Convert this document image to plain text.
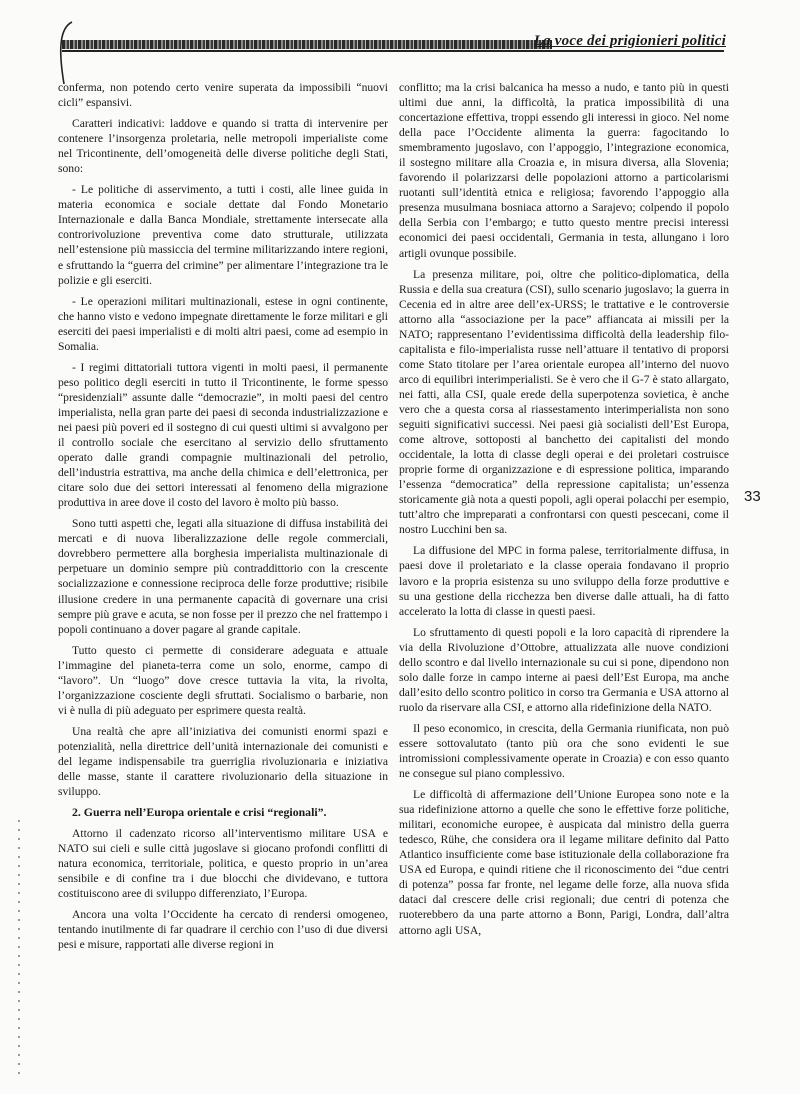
La voce dei prigionieri politici
33

conferma, non potendo certo venire superata da impossibili “nuovi cicli” espansivi.

Caratteri indicativi: laddove e quando si tratta di intervenire per contenere l’insorgenza proletaria, nelle metropoli imperialiste come nel Tricontinente, dell’omogeneità delle diverse politiche degli Stati, sono:

- Le politiche di asservimento, a tutti i costi, alle linee guida in materia economica e sociale dettate dal Fondo Monetario Internazionale e dalla Banca Mondiale, strettamente intersecate alla controrivoluzione preventiva come dato strutturale, utilizzata nell’estensione più massiccia del termine militarizzando intere regioni, e sfruttando la “guerra del crimine” per alimentare l’integrazione tra le polizie e gli eserciti.

- Le operazioni militari multinazionali, estese in ogni continente, che hanno visto e vedono impegnate direttamente le forze militari e gli eserciti dei paesi imperialisti e di molti altri paesi, come ad esempio in Somalia.

- I regimi dittatoriali tuttora vigenti in molti paesi, il permanente peso politico degli eserciti in tutto il Tricontinente, le forme spesso “presidenziali” assunte dalle “democrazie”, in molti paesi del centro imperialista, nella gran parte dei paesi di seconda industrializzazione e nei paesi più poveri ed il sostegno di cui questi ultimi si avvalgono per il controllo sociale che esercitano al servizio dello sfruttamento operato dalle grandi compagnie multinazionali del petrolio, dell’industria estrattiva, ma anche della chimica e dell’elettronica, per citare solo due dei settori interessati al fenomeno della migrazione produttiva in aree dove il costo del lavoro è molto più basso.

Sono tutti aspetti che, legati alla situazione di diffusa instabilità dei mercati e di nuova liberalizzazione delle regole commerciali, dovrebbero permettere alla borghesia imperialista multinazionale di perpetuare un dominio sempre più contraddittorio con la crescente socializzazione e connessione reciproca delle forze produttive; risibile illusione credere in una permanente capacità di governare una crisi sempre più grave e acuta, se non fosse per il prezzo che nel frattempo i popoli continuano a dover pagare al grande capitale.

Tutto questo ci permette di considerare adeguata e attuale l’immagine del pianeta-terra come un solo, enorme, campo di “lavoro”. Un “luogo” dove cresce tuttavia la vita, la rivolta, l’organizzazione cosciente degli sfruttati. Socialismo o barbarie, non vi è nulla di più adeguato per esprimere questa realtà.

Una realtà che apre all’iniziativa dei comunisti enormi spazi e potenzialità, nella direttrice dell’unità internazionale dei comunisti e del legame indispensabile tra guerriglia rivoluzionaria e iniziativa delle masse, stante il carattere rivoluzionario della situazione in sviluppo.

2. Guerra nell’Europa orientale e crisi “regionali”.

Attorno il cadenzato ricorso all’interventismo militare USA e NATO sui cieli e sulle città jugoslave si giocano profondi conflitti di natura economica, territoriale, politica, e questo proprio in un’area sensibile e di confine tra i due blocchi che dividevano, e tuttora costituiscono aree di sviluppo differenziato, l’Europa.

Ancora una volta l’Occidente ha cercato di rendersi omogeneo, tentando inutilmente di far quadrare il cerchio con l’uso di due diversi pesi e misure, rapportati alle diverse regioni in

conflitto; ma la crisi balcanica ha messo a nudo, e tanto più in questi ultimi due anni, la difficoltà, la pratica impossibilità di una concertazione effettiva, troppi essendo gli interessi in gioco. Nel nome della pace l’Occidente alimenta la guerra: fagocitando lo smembramento jugoslavo, con l’appoggio, l’integrazione economica, il sostegno militare alla Croazia e, in misura diversa, alla Slovenia; favorendo il polarizzarsi delle popolazioni attorno a particolarismi ruotanti sull’identità etnica e religiosa; favorendo l’appoggio alla presenza musulmana bosniaca attorno a Sarajevo; colpendo il popolo della Serbia con l’embargo; e tutto questo mentre precisi interessi economici dei paesi occidentali, Germania in testa, allungano i loro artigli ovunque possibile.

La presenza militare, poi, oltre che politico-diplomatica, della Russia e della sua creatura (CSI), sullo scenario jugoslavo; la guerra in Cecenia ed in altre aree dell’ex-URSS; le trattative e le controversie attorno alla “associazione per la pace” affiancata ai missili per la NATO; rappresentano l’evidentissima difficoltà della leadership filo-capitalista e filo-imperialista russe nell’attuare il tentativo di proporsi come Stato titolare per l’area orientale europea all’interno del nuovo arco di equilibri interimperialisti. Se è vero che il G-7 è stato allargato, nei fatti, alla CSI, quale erede della superpotenza sovietica, è anche vero che a questa corsa al riassestamento interimperialista non sono seguiti significativi successi. Nei paesi già socialisti dell’Est Europa, come altrove, sottoposti al banchetto dei capitalisti del mondo occidentale, la lotta di classe degli operai e dei proletari costruisce proprie forme di organizzazione e di espressione politica, imparando l’essenza “democratica” della repressione capitalista; un’essenza storicamente già nota a questi popoli, agli operai polacchi per esempio, tutt’altro che impreparati a confrontarsi con questi pescecani, come il nostro Lucchini ben sa.

La diffusione del MPC in forma palese, territorialmente diffusa, in paesi dove il proletariato e la classe operaia fondavano il proprio lavoro e la propria esistenza su uno sviluppo della forze produttive e su una gestione della ricchezza ben diverse dalle attuali, ha di fatto accelerato la lotta di classe in questi paesi.

Lo sfruttamento di questi popoli e la loro capacità di riprendere la via della Rivoluzione d’Ottobre, attualizzata alle nuove condizioni dello scontro e dal livello internazionale su cui si pone, dipendono non solo dalle forze in campo interne ai paesi dell’Est Europa, ma anche dall’esito dello scontro politico in corso tra Germania e USA attorno al ruolo da riservare alla CSI, e attorno alla ridefinizione della NATO.

Il peso economico, in crescita, della Germania riunificata, non può essere sottovalutato (tanto più ora che sono evidenti le sue intromissioni complessivamente operate in Croazia) e con esso quanto ne consegue sul piano complessivo.

Le difficoltà di affermazione dell’Unione Europea sono note e la sua ridefinizione attorno a quelle che sono le effettive forze politiche, militari, economiche europee, è auspicata dal ministro della guerra tedesco, Rühe, che considera ora il legame militare definito dal Patto Atlantico insufficiente come base istituzionale della collaborazione fra USA ed Europa, e quindi ritiene che il riconoscimento dei “due centri di potenza” possa far fronte, nel legame delle forze, alla nuova sfida dataci dal crescere delle crisi regionali; due centri di potenza che ruoterebbero da una parte attorno a Bonn, Parigi, Londra, dall’altra attorno agli USA,
